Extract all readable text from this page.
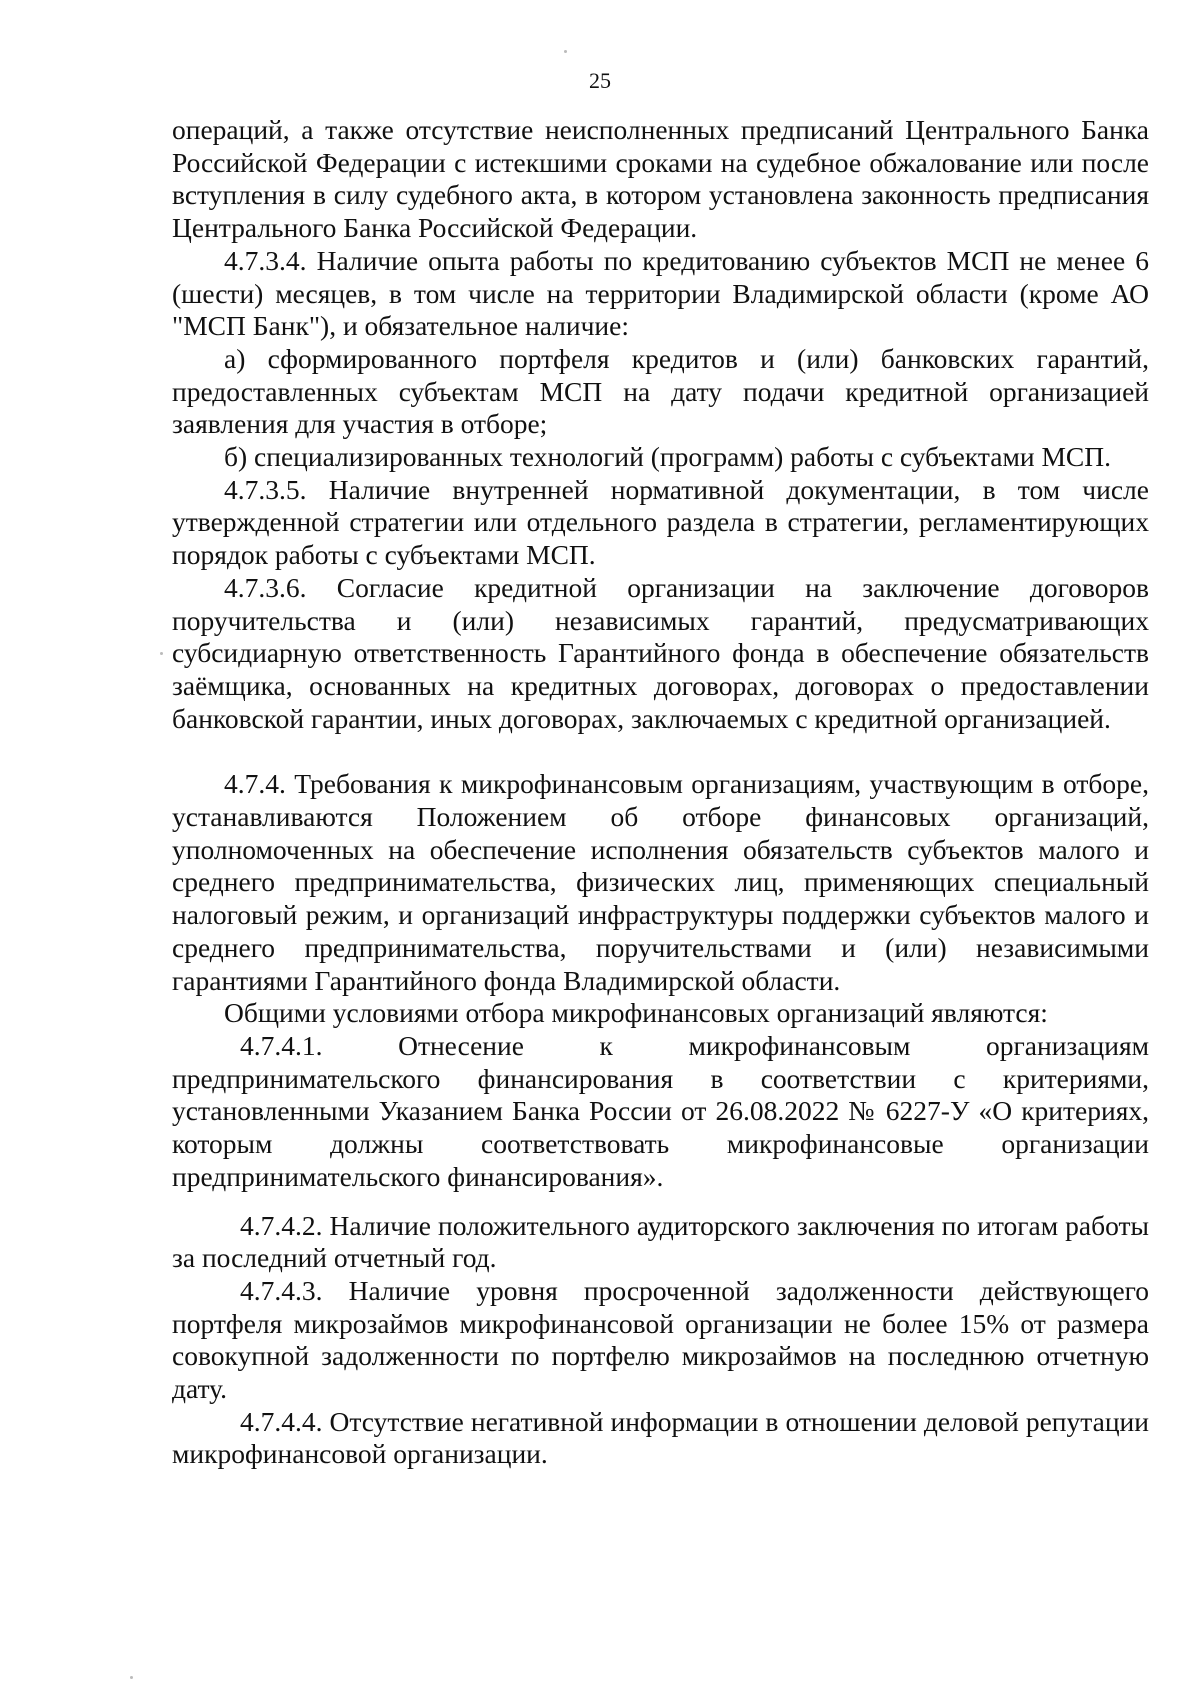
25

операций, а также отсутствие неисполненных предписаний Центрального Банка Российской Федерации с истекшими сроками на судебное обжалование или после вступления в силу судебного акта, в котором установлена законность предписания Центрального Банка Российской Федерации.

4.7.3.4. Наличие опыта работы по кредитованию субъектов МСП не менее 6 (шести) месяцев, в том числе на территории Владимирской области (кроме АО "МСП Банк"), и обязательное наличие:

а) сформированного портфеля кредитов и (или) банковских гарантий, предоставленных субъектам МСП на дату подачи кредитной организацией заявления для участия в отборе;

б) специализированных технологий (программ) работы с субъектами МСП.

4.7.3.5. Наличие внутренней нормативной документации, в том числе утвержденной стратегии или отдельного раздела в стратегии, регламентирующих порядок работы с субъектами МСП.

4.7.3.6. Согласие кредитной организации на заключение договоров поручительства и (или) независимых гарантий, предусматривающих субсидиарную ответственность Гарантийного фонда в обеспечение обязательств заёмщика, основанных на кредитных договорах, договорах о предоставлении банковской гарантии, иных договорах, заключаемых с кредитной организацией.

4.7.4. Требования к микрофинансовым организациям, участвующим в отборе, устанавливаются Положением об отборе финансовых организаций, уполномоченных на обеспечение исполнения обязательств субъектов малого и среднего предпринимательства, физических лиц, применяющих специальный налоговый режим, и организаций инфраструктуры поддержки субъектов малого и среднего предпринимательства, поручительствами и (или) независимыми гарантиями Гарантийного фонда Владимирской области.

Общими условиями отбора микрофинансовых организаций являются:

4.7.4.1. Отнесение к микрофинансовым организациям предпринимательского финансирования в соответствии с критериями, установленными Указанием Банка России от 26.08.2022 № 6227-У «О критериях, которым должны соответствовать микрофинансовые организации предпринимательского финансирования».

4.7.4.2. Наличие положительного аудиторского заключения по итогам работы за последний отчетный год.

4.7.4.3. Наличие уровня просроченной задолженности действующего портфеля микрозаймов микрофинансовой организации не более 15% от размера совокупной задолженности по портфелю микрозаймов на последнюю отчетную дату.

4.7.4.4. Отсутствие негативной информации в отношении деловой репутации микрофинансовой организации.
